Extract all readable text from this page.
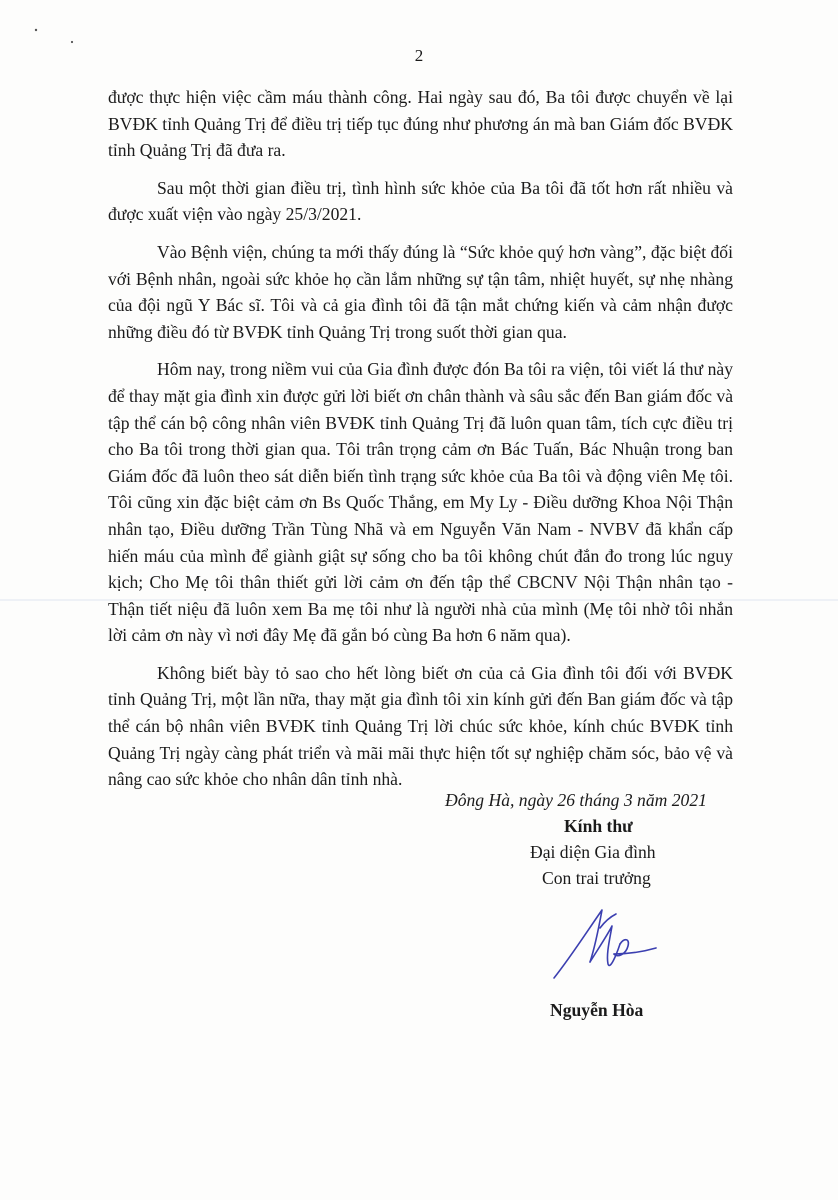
2

được thực hiện việc cầm máu thành công. Hai ngày sau đó, Ba tôi được chuyển về lại BVĐK tỉnh Quảng Trị để điều trị tiếp tục đúng như phương án mà ban Giám đốc BVĐK tỉnh Quảng Trị đã đưa ra.

Sau một thời gian điều trị, tình hình sức khỏe của Ba tôi đã tốt hơn rất nhiều và được xuất viện vào ngày 25/3/2021.

Vào Bệnh viện, chúng ta mới thấy đúng là “Sức khỏe quý hơn vàng”, đặc biệt đối với Bệnh nhân, ngoài sức khỏe họ cần lắm những sự tận tâm, nhiệt huyết, sự nhẹ nhàng của đội ngũ Y Bác sĩ. Tôi và cả gia đình tôi đã tận mắt chứng kiến và cảm nhận được những điều đó từ BVĐK tỉnh Quảng Trị trong suốt thời gian qua.

Hôm nay, trong niềm vui của Gia đình được đón Ba tôi ra viện, tôi viết lá thư này để thay mặt gia đình xin được gửi lời biết ơn chân thành và sâu sắc đến Ban giám đốc và tập thể cán bộ công nhân viên BVĐK tỉnh Quảng Trị đã luôn quan tâm, tích cực điều trị cho Ba tôi trong thời gian qua. Tôi trân trọng cảm ơn Bác Tuấn, Bác Nhuận trong ban Giám đốc đã luôn theo sát diễn biến tình trạng sức khỏe của Ba tôi và động viên Mẹ tôi. Tôi cũng xin đặc biệt cảm ơn Bs Quốc Thắng, em My Ly - Điều dưỡng Khoa Nội Thận nhân tạo, Điều dưỡng Trần Tùng Nhã và em Nguyễn Văn Nam - NVBV đã khẩn cấp hiến máu của mình để giành giật sự sống cho ba tôi không chút đắn đo trong lúc nguy kịch; Cho Mẹ tôi thân thiết gửi lời cảm ơn đến tập thể CBCNV Nội Thận nhân tạo - Thận tiết niệu đã luôn xem Ba mẹ tôi như là người nhà của mình (Mẹ tôi nhờ tôi nhắn lời cảm ơn này vì nơi đây Mẹ đã gắn bó cùng Ba hơn 6 năm qua).

Không biết bày tỏ sao cho hết lòng biết ơn của cả Gia đình tôi đối với BVĐK tỉnh Quảng Trị, một lần nữa, thay mặt gia đình tôi xin kính gửi đến Ban giám đốc và tập thể cán bộ nhân viên BVĐK tỉnh Quảng Trị lời chúc sức khỏe, kính chúc BVĐK tỉnh Quảng Trị ngày càng phát triển và mãi mãi thực hiện tốt sự nghiệp chăm sóc, bảo vệ và nâng cao sức khỏe cho nhân dân tỉnh nhà.

Đông Hà, ngày 26 tháng 3 năm 2021
Kính thư
Đại diện Gia đình
Con trai trưởng
Nguyễn Hòa
